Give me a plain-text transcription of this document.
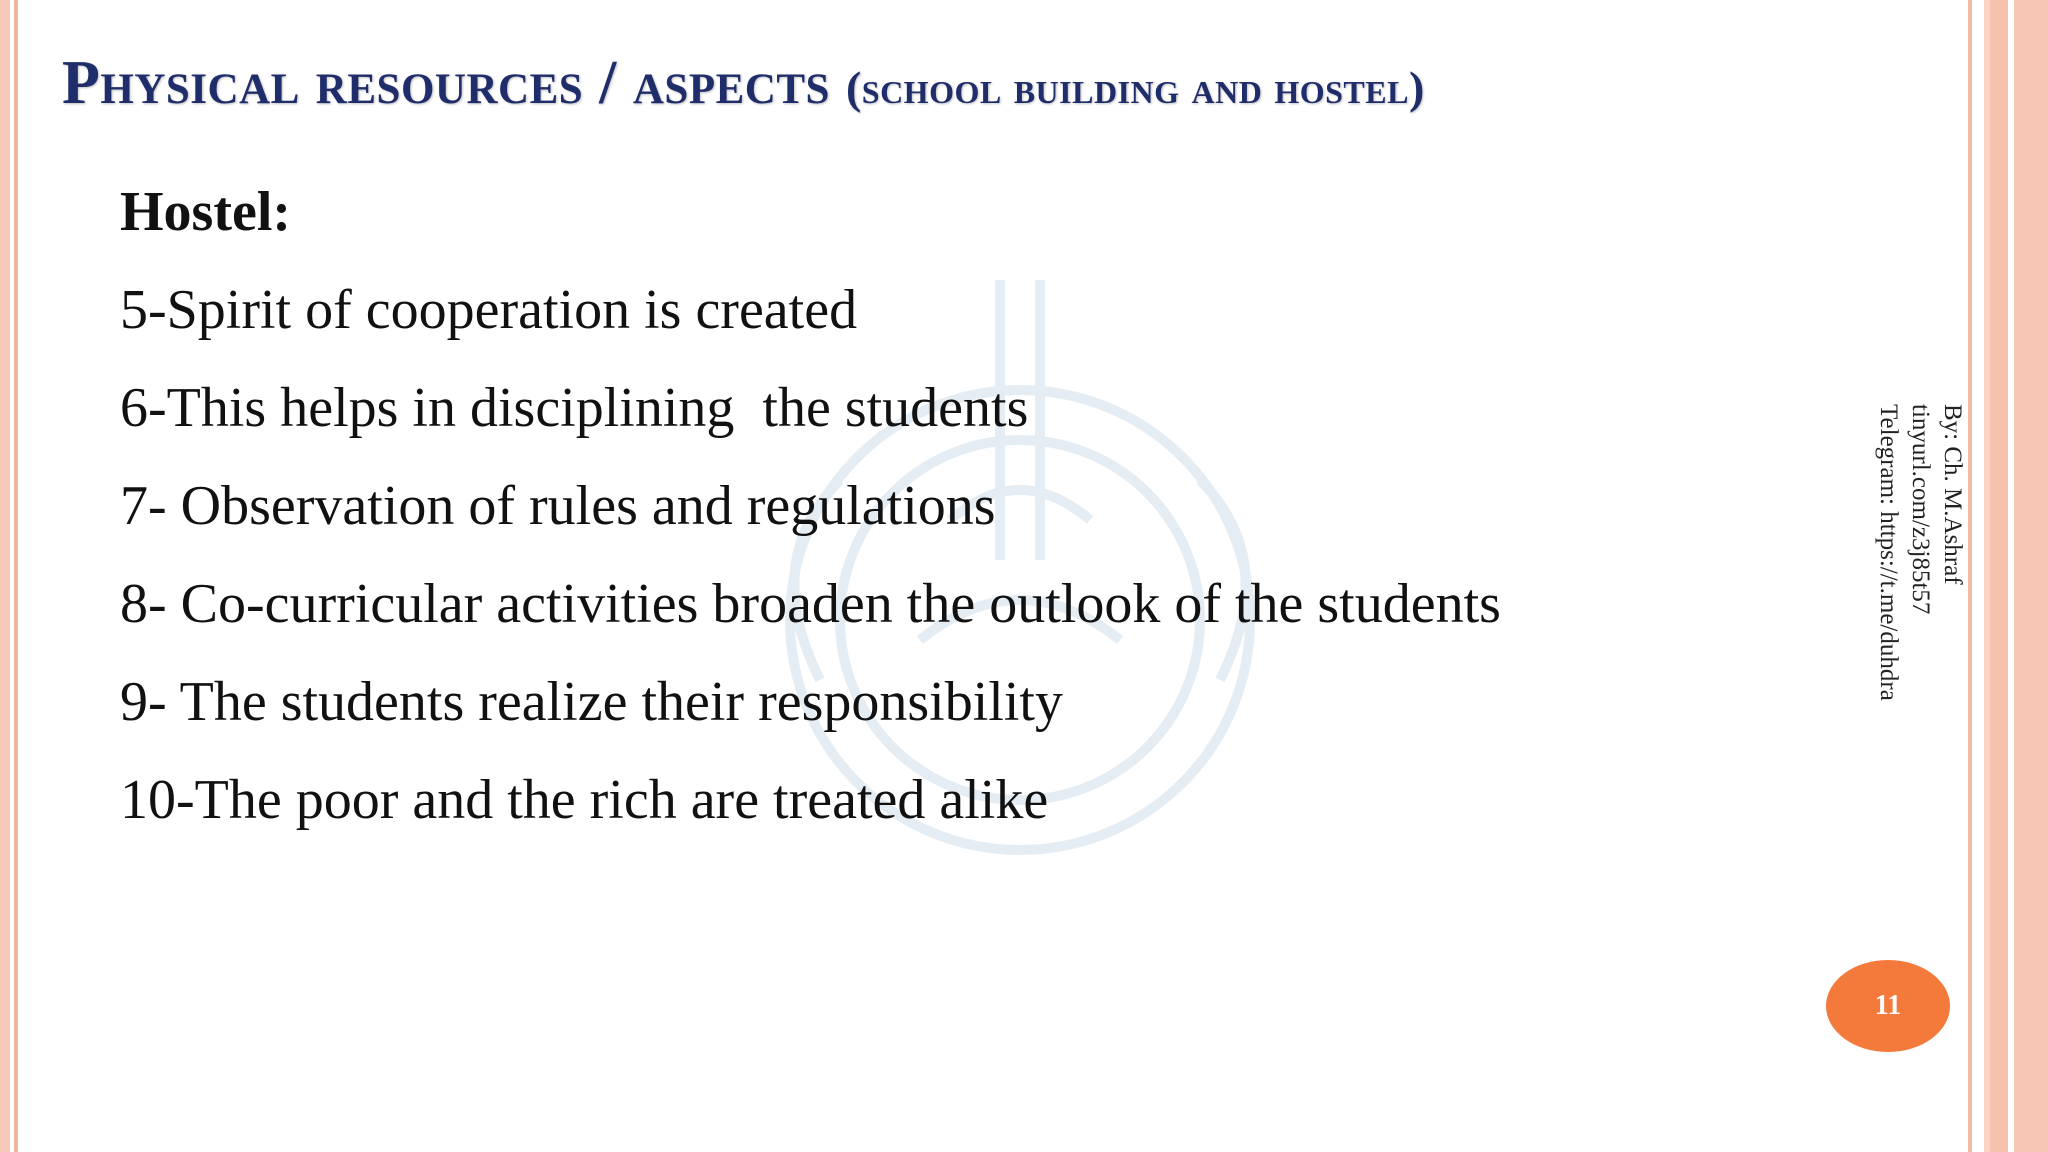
Physical resources / aspects (school building and hostel)
Hostel:
5-Spirit of cooperation is created
6-This helps in disciplining  the students
7- Observation of rules and regulations
8- Co-curricular activities broaden the outlook of the students
9- The students realize their responsibility
10-The poor and the rich are treated alike
By: Ch. M.Ashraf
tinyurl.com/z3j85t57
Telegram: https://t.me/duhdra
11
